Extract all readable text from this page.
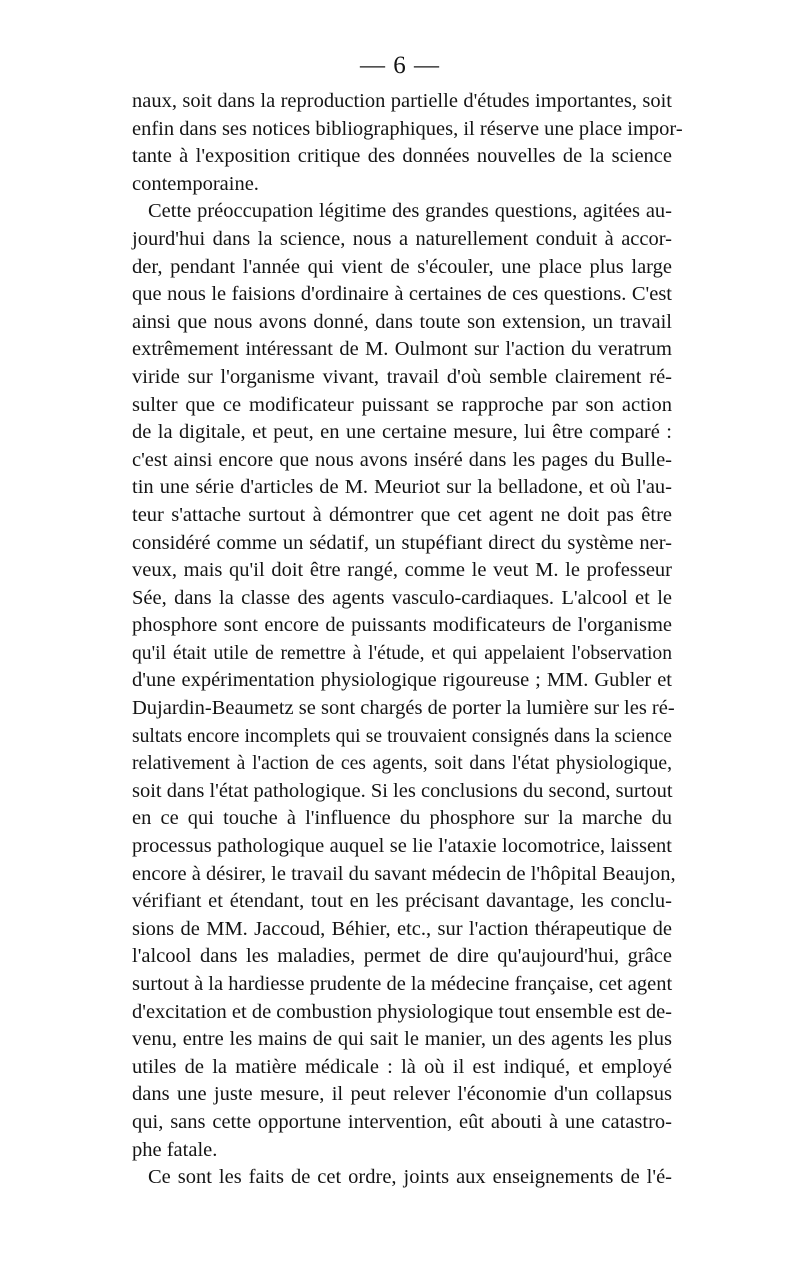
— 6 —
naux, soit dans la reproduction partielle d'études importantes, soit
enfin dans ses notices bibliographiques, il réserve une place impor-
tante à l'exposition critique des données nouvelles de la science
contemporaine.
Cette préoccupation légitime des grandes questions, agitées au-
jourd'hui dans la science, nous a naturellement conduit à accor-
der, pendant l'année qui vient de s'écouler, une place plus large
que nous le faisions d'ordinaire à certaines de ces questions. C'est
ainsi que nous avons donné, dans toute son extension, un travail
extrêmement intéressant de M. Oulmont sur l'action du veratrum
viride sur l'organisme vivant, travail d'où semble clairement ré-
sulter que ce modificateur puissant se rapproche par son action
de la digitale, et peut, en une certaine mesure, lui être comparé :
c'est ainsi encore que nous avons inséré dans les pages du Bulle-
tin une série d'articles de M. Meuriot sur la belladone, et où l'au-
teur s'attache surtout à démontrer que cet agent ne doit pas être
considéré comme un sédatif, un stupéfiant direct du système ner-
veux, mais qu'il doit être rangé, comme le veut M. le professeur
Sée, dans la classe des agents vasculo-cardiaques. L'alcool et le
phosphore sont encore de puissants modificateurs de l'organisme
qu'il était utile de remettre à l'étude, et qui appelaient l'observation
d'une expérimentation physiologique rigoureuse ; MM. Gubler et
Dujardin-Beaumetz se sont chargés de porter la lumière sur les ré-
sultats encore incomplets qui se trouvaient consignés dans la science
relativement à l'action de ces agents, soit dans l'état physiologique,
soit dans l'état pathologique. Si les conclusions du second, surtout
en ce qui touche à l'influence du phosphore sur la marche du
processus pathologique auquel se lie l'ataxie locomotrice, laissent
encore à désirer, le travail du savant médecin de l'hôpital Beaujon,
vérifiant et étendant, tout en les précisant davantage, les conclu-
sions de MM. Jaccoud, Béhier, etc., sur l'action thérapeutique de
l'alcool dans les maladies, permet de dire qu'aujourd'hui, grâce
surtout à la hardiesse prudente de la médecine française, cet agent
d'excitation et de combustion physiologique tout ensemble est de-
venu, entre les mains de qui sait le manier, un des agents les plus
utiles de la matière médicale : là où il est indiqué, et employé
dans une juste mesure, il peut relever l'économie d'un collapsus
qui, sans cette opportune intervention, eût abouti à une catastro-
phe fatale.
Ce sont les faits de cet ordre, joints aux enseignements de l'é-
